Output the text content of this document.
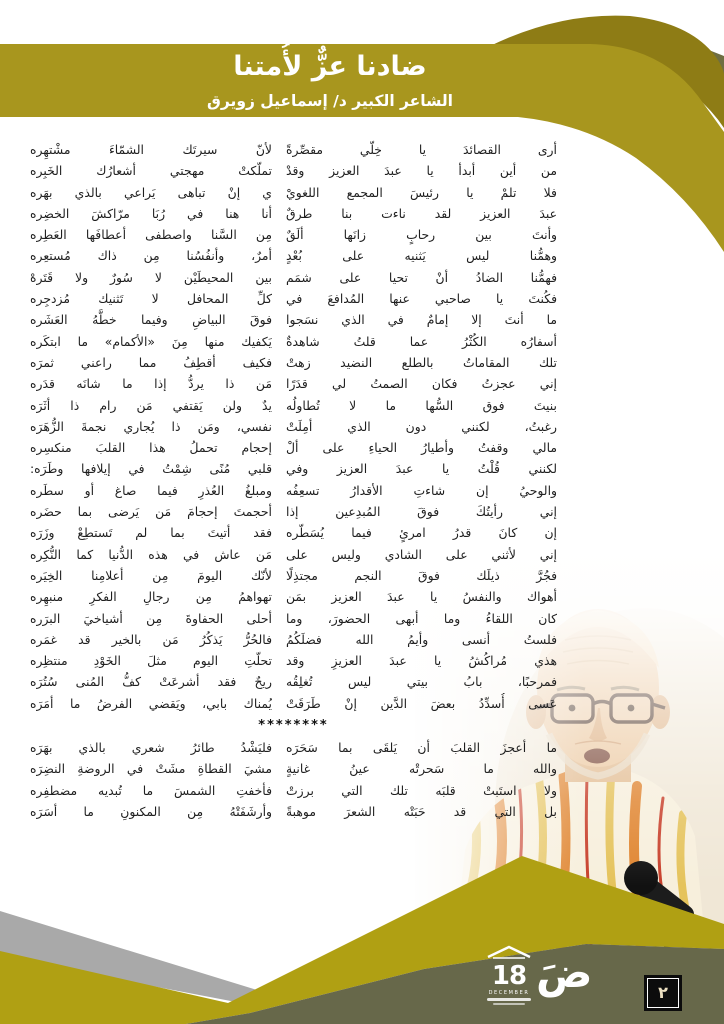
ضادنا عزٌّ لأُمتنا
الشاعر الكبير د/ إسماعيل زويرق
أرى القصائدَ يا خِلّي مقصِّرةً
لأنّ سيرتَك الشمّاءَ مشْتهِره
من أين أبدأ يا عبدَ العزيز وقدْ
تملّكتْ مهجتي أشعارُك الخَبِره
فلا تلمْ يا رئيسَ المجمع اللغويْ
ي إنْ تباهى يَراعي بالذي بهَره
عبدَ العزيز لقد ناءت بنا طرقٌ
أنا هنا في رُبَا مرّاكشَ الخضِره
وأنتَ بين رحابٍ زانَها ألَقٌ
مِن السَّنا واصطفى أعطافَها العَطِره
وهمُّنا ليس يَثنيه على بُعْدٍ
أمرٌ، وأنفُسُنا مِن ذاك مُستعِره
فهمُّنا الضادُ أنْ تحيا على شمَم
بين المحيطَيْن لا سُورٌ ولا قَتَرهْ
فكُنتَ يا صاحبي عنها المُدافعَ في
كلِّ المحافل لا تَثنيك مُزدجِره
ما أنتَ إلا إمامٌ في الذي نسَجوا
فوقَ البياضِ وفيما خطَّهُ العَشَره
أسفارُه الكُثْرُ عما قلتُ شاهدةٌ
يَكفيك منها مِنَ «الأكمام» ما ابتكَره
تلك المقاماتُ بالطلع النضيد زهتْ
فكيف أقطِفُ مما راعني ثمرَه
إني عجزتُ فكان الصمتُ لي قدَرًا
مَن ذا يردُّ إذا ما شانَه قدَره
بنيتَ فوق السُّها ما لا تُطاولُه
يدٌ ولن يَقتفي مَن رام ذا أثَرَه
رغبتُ، لكنني دون الذي أمِلَتْ
نفسي، ومَن ذا يُجاري نجمةَ الزُّهَرَه
مالي وقفتُ وأطيارُ الحياءِ على ألْ
إحجام تحملُ هذا القلبَ منكسِره
لكنني قُلْتُ يا عبدَ العزيز وفي
قلبي مُنًى شِمْتُ في إيلافها وطَرَه:
والوحيُ إن شاءتِ الأقدارُ تسعِفُه
ومبلغُ العُذرِ فيما صاغ أو سطَره
إني رأيتُكَ فوقَ المُبدِعين إذا
أحجمتَ إحجامَ مَن يَرضى بما حضَره
إن كانَ قدرُ امرئٍ فيما يُسَطّره
فقد أتيتَ بما لم تَستطِعْ وزَرَه
إني لأثني على الشادي وليس على
مَن عاش في هذه الدُّنيا كما النُّكِره
فجُرَّ ذيلَك فوقَ النجم مجتذِلًا
لأنّك اليومَ مِن أعلامِنا الخِيَره
أهواك والنفسُ يا عبدَ العزيز بمَن
تهواهمُ مِن رجالِ الفكرِ منبهِره
كان اللقاءُ وما أبهى الحضورَ، وما
أحلى الحفاوةَ مِن أشياخيَ البرَره
فلستُ أنسى وأيمُ الله فضلَكُمُ
فالحُرُّ يَذكُرُ مَن بالخير قد غمَره
هذي مُراكُشُ يا عبدَ العزيزِ وقد
تحلّتِ اليوم مثلَ الخَوْدِ منتظِره
فمرحبًا، بابُ بيتي ليس تُغلِقُه
ريحٌ فقد أشرعَتْ كفُّ المُنى سُتُرَه
عَسى أُسدِّدُ بعضَ الدَّين إنْ طَرَقَتْ
يُمناك بابي، ويَقضي الفرضُ ما أمَرَه
********
ما أعجزَ القلبَ أن يَلقَى بما سَحَرَه
فليَشْدُ طائرُ شعري بالذي بهَرَه
والله ما سَحرتْه عينُ غانيةٍ
مشيَ القطاةِ مشَتْ في الروضةِ النضِرَه
ولا استَبتْ قلبَه تلك التي برزتْ
فأخفتِ الشمسَ ما تُبديه مضطفِره
بل التي قد حَبَتْه الشعرَ موهبةً
وأرشَفَتْهُ مِن المكنونِ ما أسَرَه
18
DECEMBER ضَ	٢
